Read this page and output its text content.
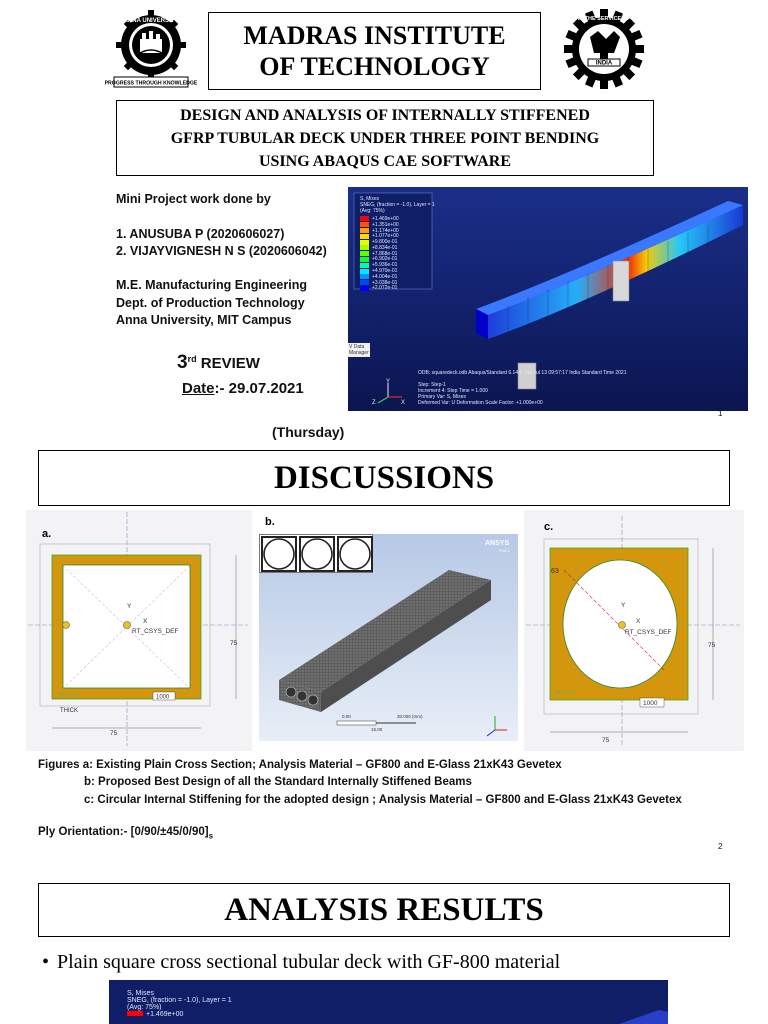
ANNA UNIVERSITY
PROGRESS THROUGH KNOWLEDGE
MADRAS INSTITUTE
OF TECHNOLOGY
IN THE SERVICE OF
INDIA
DESIGN AND ANALYSIS OF INTERNALLY STIFFENED
GFRP TUBULAR DECK UNDER THREE POINT BENDING
USING ABAQUS CAE SOFTWARE
Mini Project work done by
1. ANUSUBA P (2020606027)
2. VIJAYVIGNESH N S (2020606042)
M.E. Manufacturing Engineering
Dept. of Production Technology
Anna University, MIT Campus
3rd REVIEW
Date:- 29.07.2021
(Thursday)
S, Mises
SNEG, (fraction = -1.0), Layer = 1
(Avg: 75%)
+1.469e+00
+1.351e+00
+1.174e+00
+1.077e+00
+9.800e-01
+8.834e-01
+7.868e-01
+6.902e-01
+5.936e-01
+4.970e-01
+4.004e-01
+3.038e-01
+2.072e-01
V Data
Manager
ODB: squaredeck.odb Abaqus/Standard 6.14-5 Tue Jul 13 09:57:17 India Standard Time 2021
Step: Step-1
Increment 4: Step Time = 1.000
Primary Var: S, Mises
Deformed Var: U Deformation Scale Factor: +1.000e+00
Y
X
Z
1
DISCUSSIONS
a.
Y
X
RT_CSYS_DEF
75
75
THICK
1000
Sketch-1
b.
0.00	30.000 (mm)
15.00
ANSYS
R16.1
c.
63
Y
X
RT_CSYS_DEF
75
75
1000
Sketch-1
Figures a: Existing Plain Cross Section; Analysis Material – GF800 and E-Glass 21xK43 Gevetex
b: Proposed Best Design of all the Standard Internally Stiffened Beams
c: Circular Internal Stiffening for the adopted design ; Analysis Material – GF800 and E-Glass 21xK43 Gevetex
Ply Orientation:- $[0/90/\pm 45/0/90]_s$
2
ANALYSIS RESULTS
• Plain square cross sectional tubular deck with GF-800 material
S, Mises
SNEG, (fraction = -1.0), Layer = 1
(Avg: 75%)
+1.469e+00
